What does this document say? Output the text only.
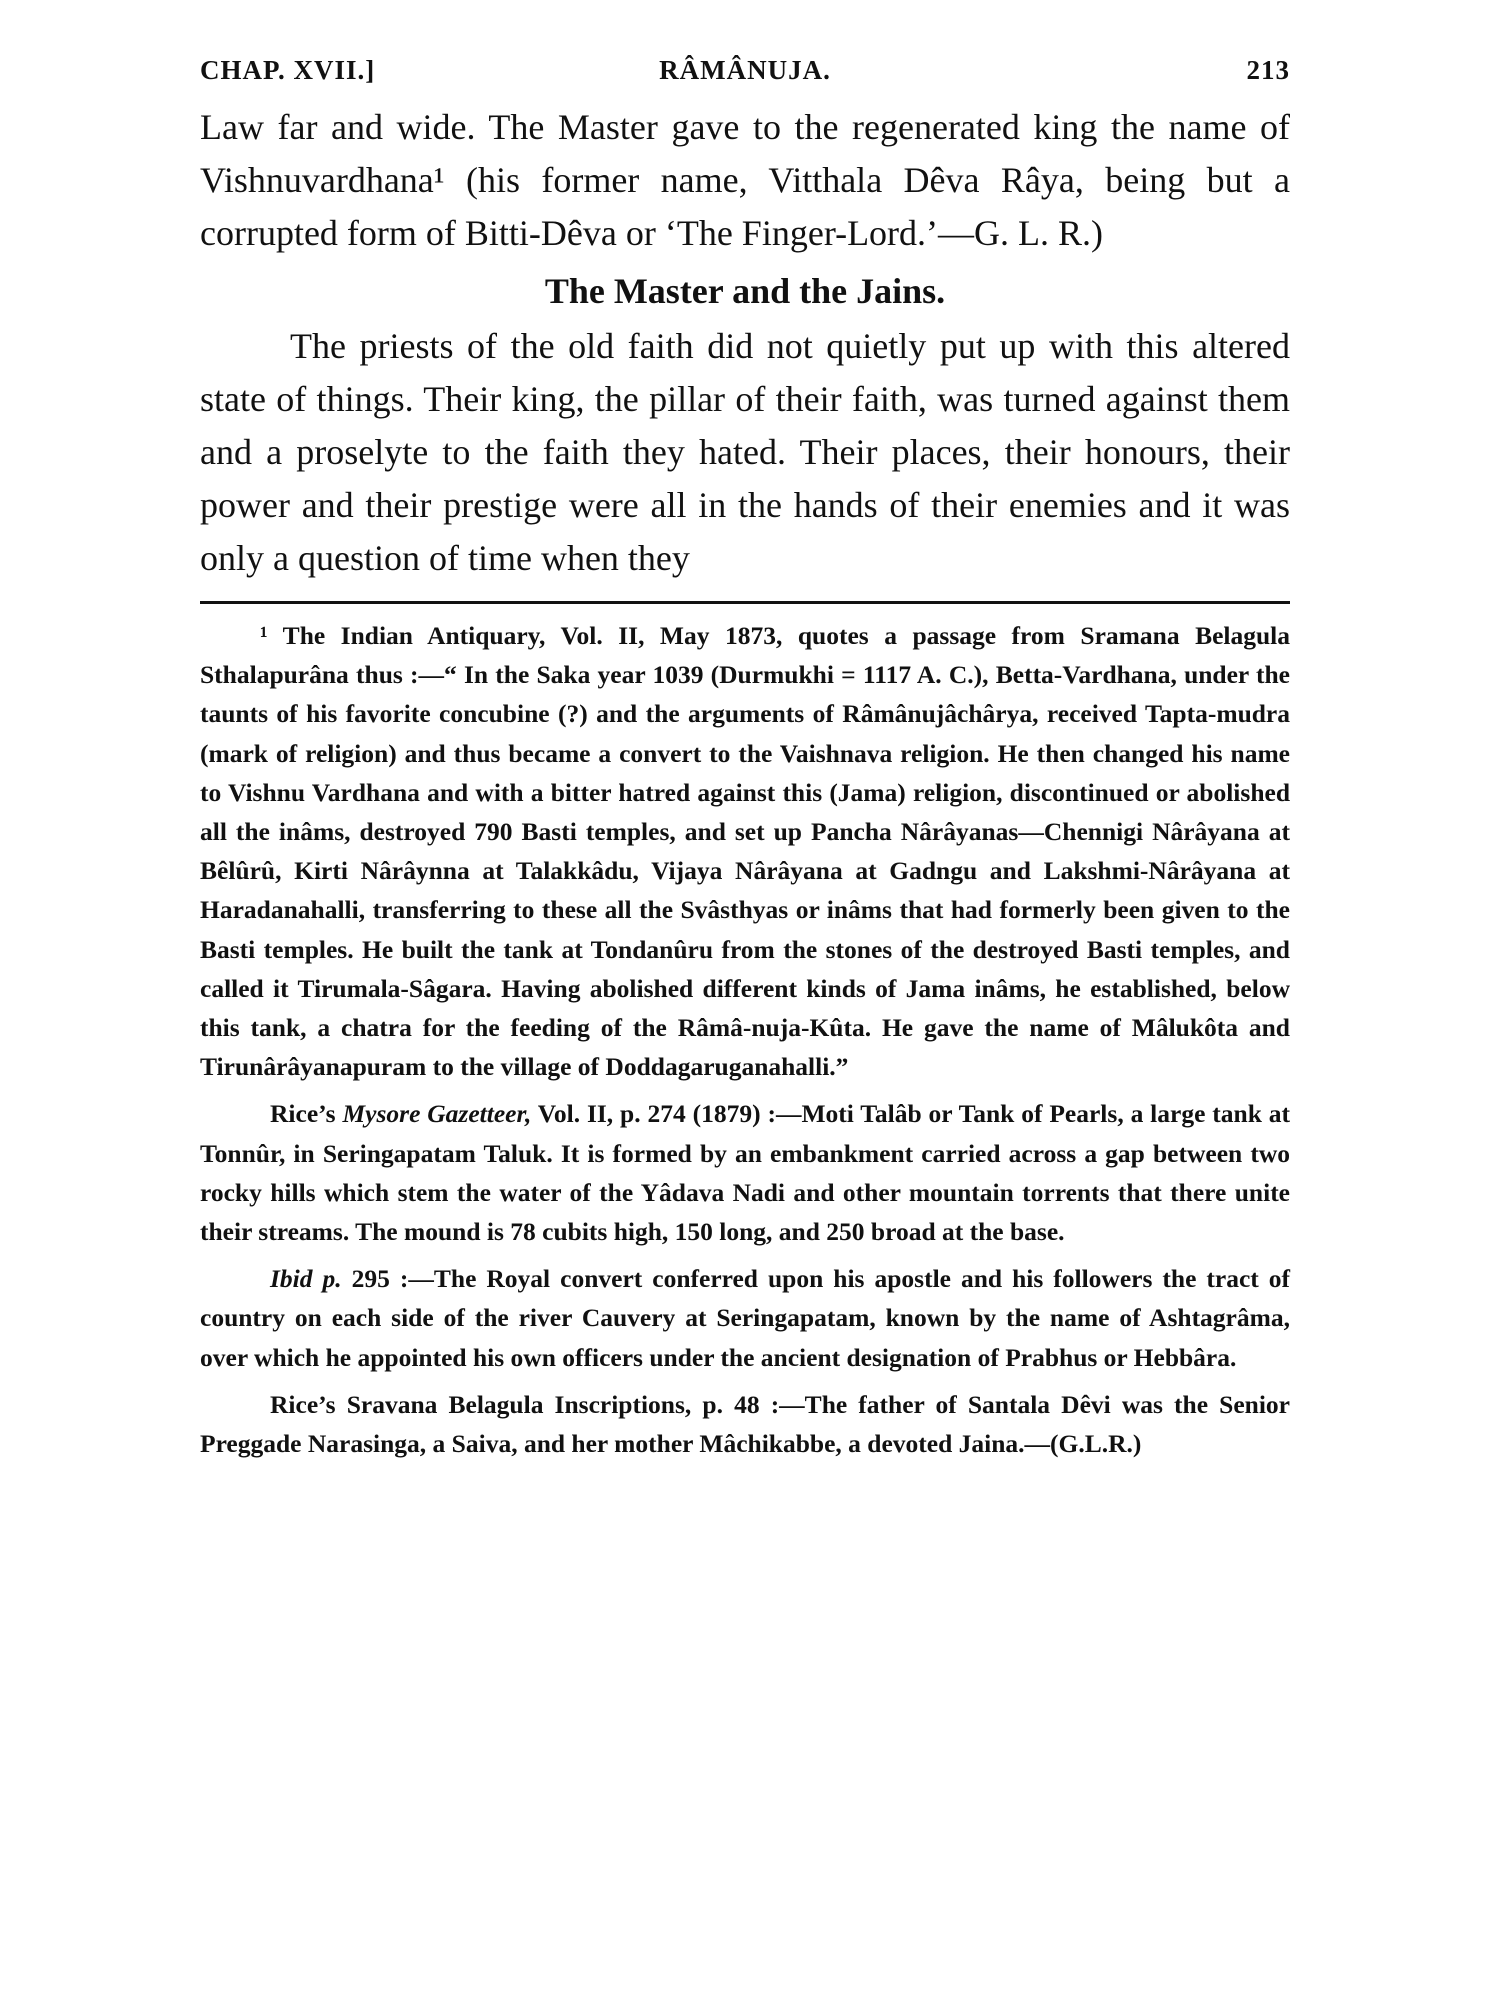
CHAP. XVII.]	RÂMÂNUJA.	213

Law far and wide. The Master gave to the regenerated king the name of Vishnuvardhana¹ (his former name, Vitthala Dêva Râya, being but a corrupted form of Bitti-Dêva or ‘The Finger-Lord.’—G. L. R.)

The Master and the Jains.

The priests of the old faith did not quietly put up with this altered state of things. Their king, the pillar of their faith, was turned against them and a proselyte to the faith they hated. Their places, their honours, their power and their prestige were all in the hands of their enemies and it was only a question of time when they

¹ The Indian Antiquary, Vol. II, May 1873, quotes a passage from Sramana Belagula Sthalapurâna thus :—“ In the Saka year 1039 (Durmukhi = 1117 A. C.), Betta-Vardhana, under the taunts of his favorite concubine (?) and the arguments of Râmânujâchârya, received Tapta-mudra (mark of religion) and thus became a convert to the Vaishnava religion. He then changed his name to Vishnu Vardhana and with a bitter hatred against this (Jama) religion, discontinued or abolished all the inâms, destroyed 790 Basti temples, and set up Pancha Nârâyanas—Chennigi Nârâyana at Bêlûrû, Kirti Nârâynna at Talakkâdu, Vijaya Nârâyana at Gadngu and Lakshmi-Nârâyana at Haradanahalli, transferring to these all the Svâsthyas or inâms that had formerly been given to the Basti temples. He built the tank at Tondanûru from the stones of the destroyed Basti temples, and called it Tirumala-Sâgara. Having abolished different kinds of Jama inâms, he established, below this tank, a chatra for the feeding of the Râmâ-nuja-Kûta. He gave the name of Mâlukôta and Tirunârâyanapuram to the village of Doddagaruganahalli.”

Rice’s Mysore Gazetteer, Vol. II, p. 274 (1879) :—Moti Talâb or Tank of Pearls, a large tank at Tonnûr, in Seringapatam Taluk. It is formed by an embankment carried across a gap between two rocky hills which stem the water of the Yâdava Nadi and other mountain torrents that there unite their streams. The mound is 78 cubits high, 150 long, and 250 broad at the base.

Ibid p. 295 :—The Royal convert conferred upon his apostle and his followers the tract of country on each side of the river Cauvery at Seringapatam, known by the name of Ashtagrâma, over which he appointed his own officers under the ancient designation of Prabhus or Hebbâra.

Rice’s Sravana Belagula Inscriptions, p. 48 :—The father of Santala Dêvi was the Senior Preggade Narasinga, a Saiva, and her mother Mâchikabbe, a devoted Jaina.—(G.L.R.)
